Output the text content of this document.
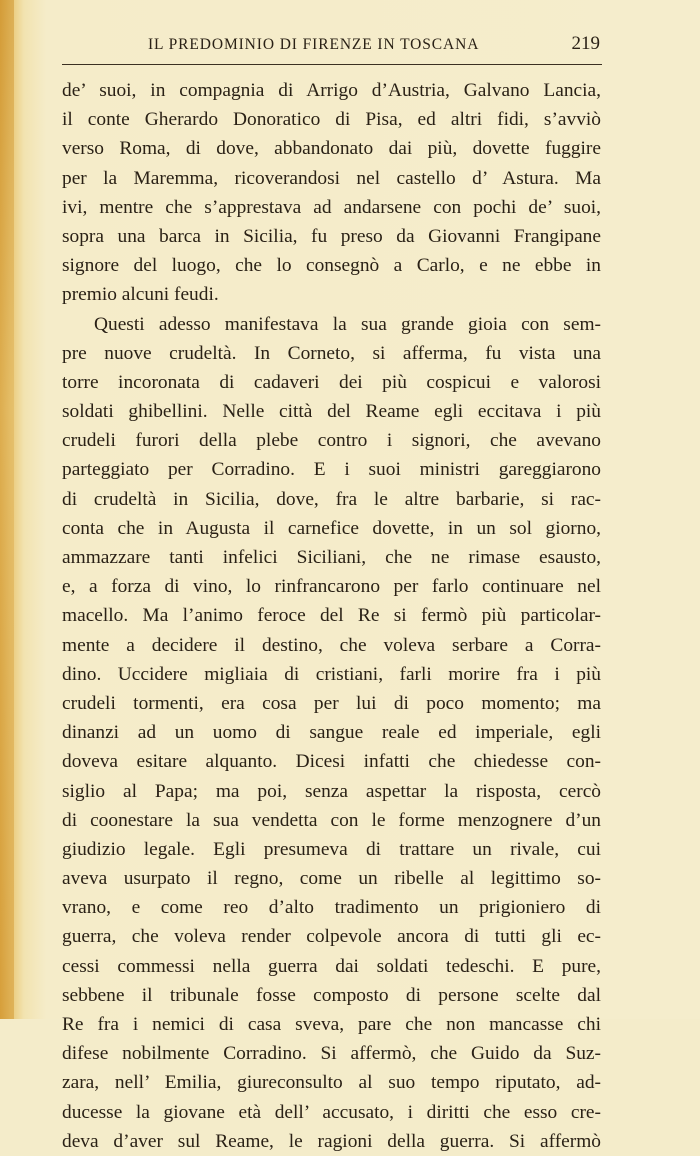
IL PREDOMINIO DI FIRENZE IN TOSCANA	219
de’ suoi, in compagnia di Arrigo d’Austria, Galvano Lancia,
il conte Gherardo Donoratico di Pisa, ed altri fidi, s’avviò
verso Roma, di dove, abbandonato dai più, dovette fuggire
per la Maremma, ricoverandosi nel castello d’ Astura. Ma
ivi, mentre che s’apprestava ad andarsene con pochi de’ suoi,
sopra una barca in Sicilia, fu preso da Giovanni Frangipane
signore del luogo, che lo consegnò a Carlo, e ne ebbe in
premio alcuni feudi.
Questi adesso manifestava la sua grande gioia con sem-
pre nuove crudeltà. In Corneto, si afferma, fu vista una
torre incoronata di cadaveri dei più cospicui e valorosi
soldati ghibellini. Nelle città del Reame egli eccitava i più
crudeli furori della plebe contro i signori, che avevano
parteggiato per Corradino. E i suoi ministri gareggiarono
di crudeltà in Sicilia, dove, fra le altre barbarie, si rac-
conta che in Augusta il carnefice dovette, in un sol giorno,
ammazzare tanti infelici Siciliani, che ne rimase esausto,
e, a forza di vino, lo rinfrancarono per farlo continuare nel
macello. Ma l’animo feroce del Re si fermò più particolar-
mente a decidere il destino, che voleva serbare a Corra-
dino. Uccidere migliaia di cristiani, farli morire fra i più
crudeli tormenti, era cosa per lui di poco momento; ma
dinanzi ad un uomo di sangue reale ed imperiale, egli
doveva esitare alquanto. Dicesi infatti che chiedesse con-
siglio al Papa; ma poi, senza aspettar la risposta, cercò
di coonestare la sua vendetta con le forme menzognere d’un
giudizio legale. Egli presumeva di trattare un rivale, cui
aveva usurpato il regno, come un ribelle al legittimo so-
vrano, e come reo d’alto tradimento un prigioniero di
guerra, che voleva render colpevole ancora di tutti gli ec-
cessi commessi nella guerra dai soldati tedeschi. E pure,
sebbene il tribunale fosse composto di persone scelte dal
Re fra i nemici di casa sveva, pare che non mancasse chi
difese nobilmente Corradino. Si affermò, che Guido da Suz-
zara, nell’ Emilia, giureconsulto al suo tempo riputato, ad-
ducesse la giovane età dell’ accusato, i diritti che esso cre-
deva d’aver sul Reame, le ragioni della guerra. Si affermò
